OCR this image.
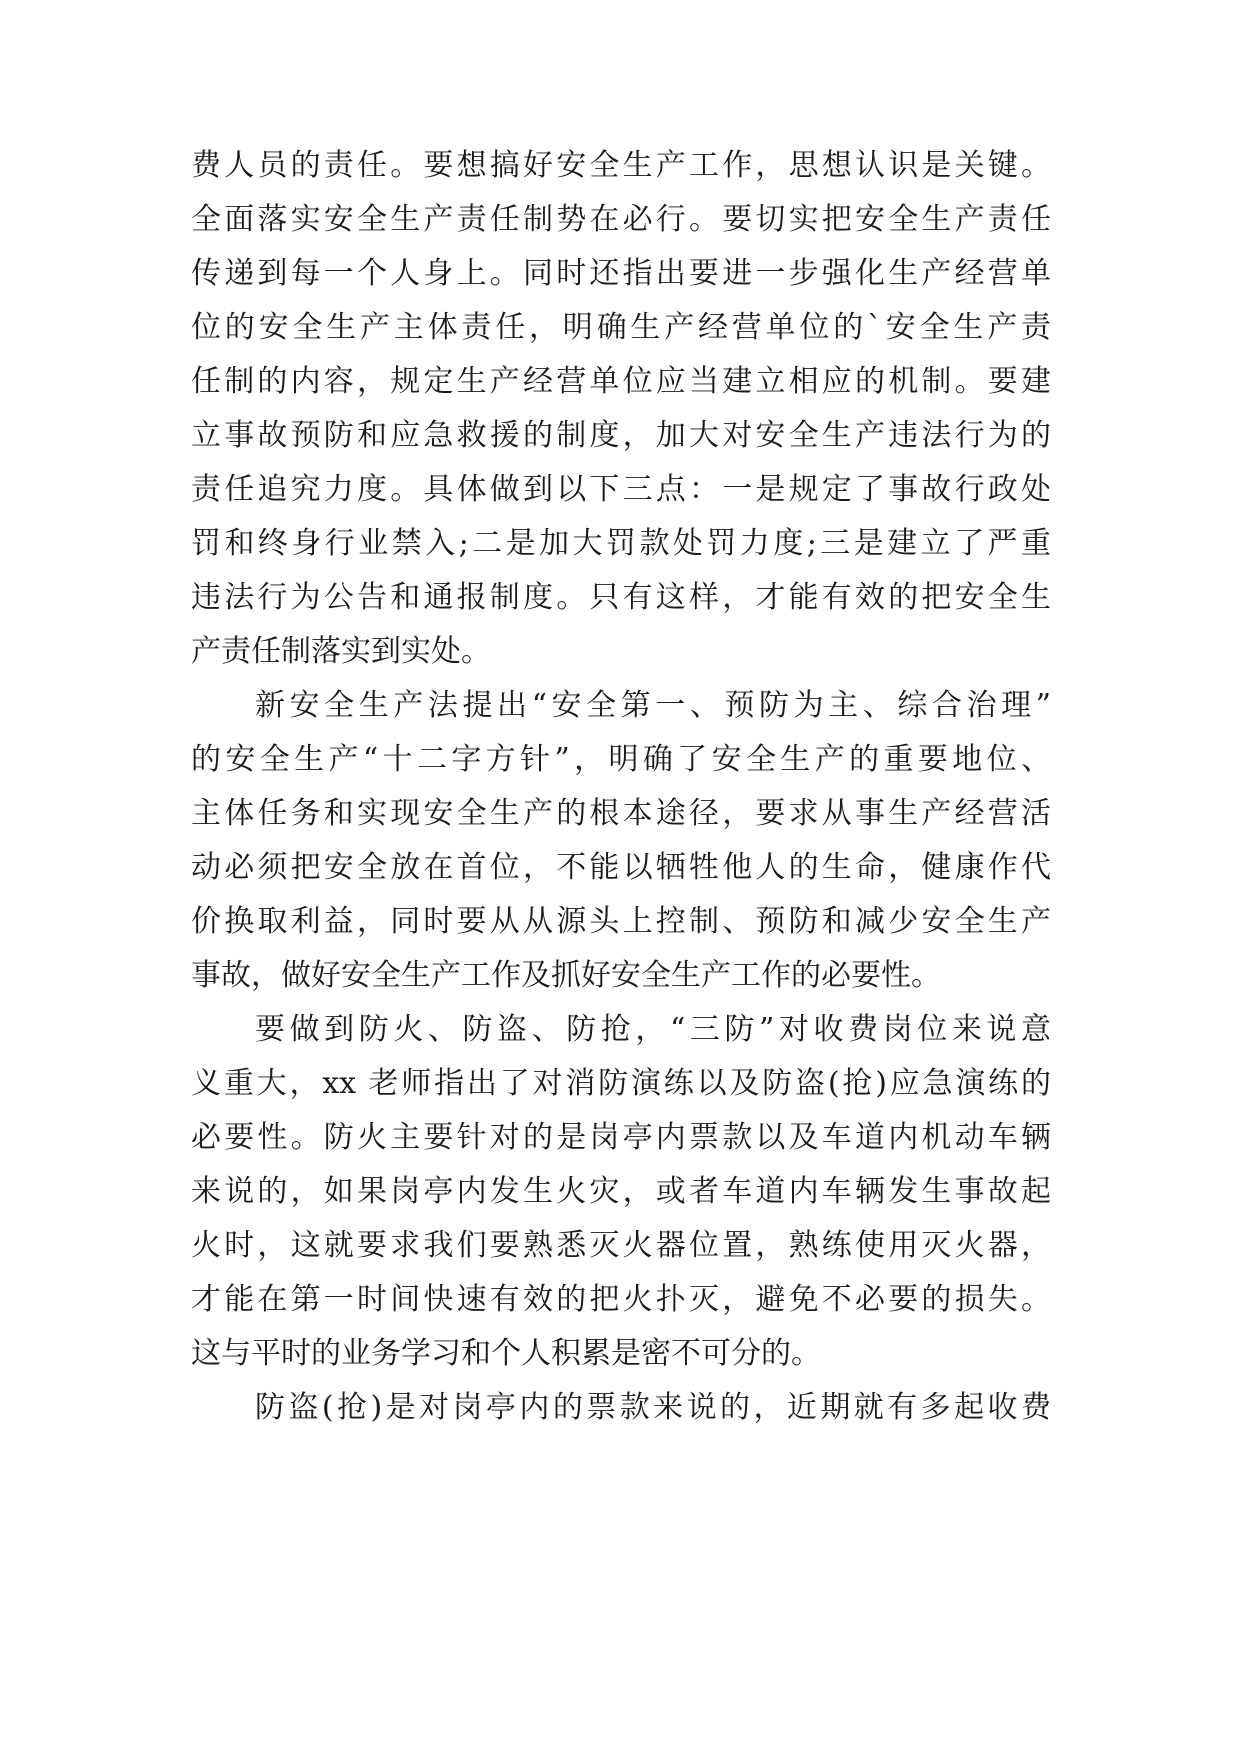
费人员的责任。要想搞好安全生产工作，思想认识是关键。
全面落实安全生产责任制势在必行。要切实把安全生产责任
传递到每一个人身上。同时还指出要进一步强化生产经营单
位的安全生产主体责任，明确生产经营单位的`安全生产责
任制的内容，规定生产经营单位应当建立相应的机制。要建
立事故预防和应急救援的制度，加大对安全生产违法行为的
责任追究力度。具体做到以下三点：一是规定了事故行政处
罚和终身行业禁入;二是加大罚款处罚力度;三是建立了严重
违法行为公告和通报制度。只有这样，才能有效的把安全生
产责任制落实到实处。
新安全生产法提出“安全第一、预防为主、综合治理”
的安全生产“十二字方针”，明确了安全生产的重要地位、
主体任务和实现安全生产的根本途径，要求从事生产经营活
动必须把安全放在首位，不能以牺牲他人的生命，健康作代
价换取利益，同时要从从源头上控制、预防和减少安全生产
事故，做好安全生产工作及抓好安全生产工作的必要性。
要做到防火、防盗、防抢，“三防”对收费岗位来说意
义重大，xx 老师指出了对消防演练以及防盗(抢)应急演练的
必要性。防火主要针对的是岗亭内票款以及车道内机动车辆
来说的，如果岗亭内发生火灾，或者车道内车辆发生事故起
火时，这就要求我们要熟悉灭火器位置，熟练使用灭火器，
才能在第一时间快速有效的把火扑灭，避免不必要的损失。
这与平时的业务学习和个人积累是密不可分的。
防盗(抢)是对岗亭内的票款来说的，近期就有多起收费
